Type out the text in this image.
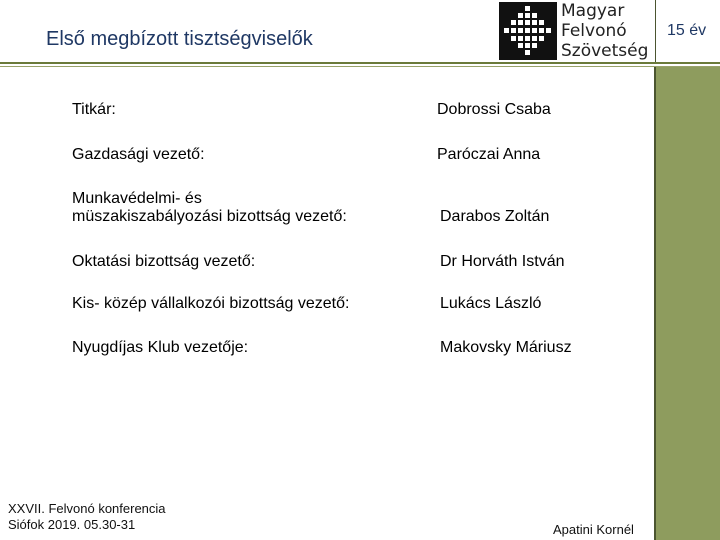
15 év
Első megbízott tisztségviselők
Magyar
Felvonó
Szövetség
Titkár:	Dobrossi Csaba
Gazdasági vezető:	Paróczai Anna
Munkavédelmi- és
müszakiszabályozási bizottság vezető:	Darabos Zoltán
Oktatási bizottság vezető:	Dr Horváth István
Kis- közép vállalkozói bizottság vezető:	Lukács László
Nyugdíjas Klub vezetője:	Makovsky Máriusz
XXVII. Felvonó konferencia
Siófok 2019. 05.30-31	Apatini Kornél
